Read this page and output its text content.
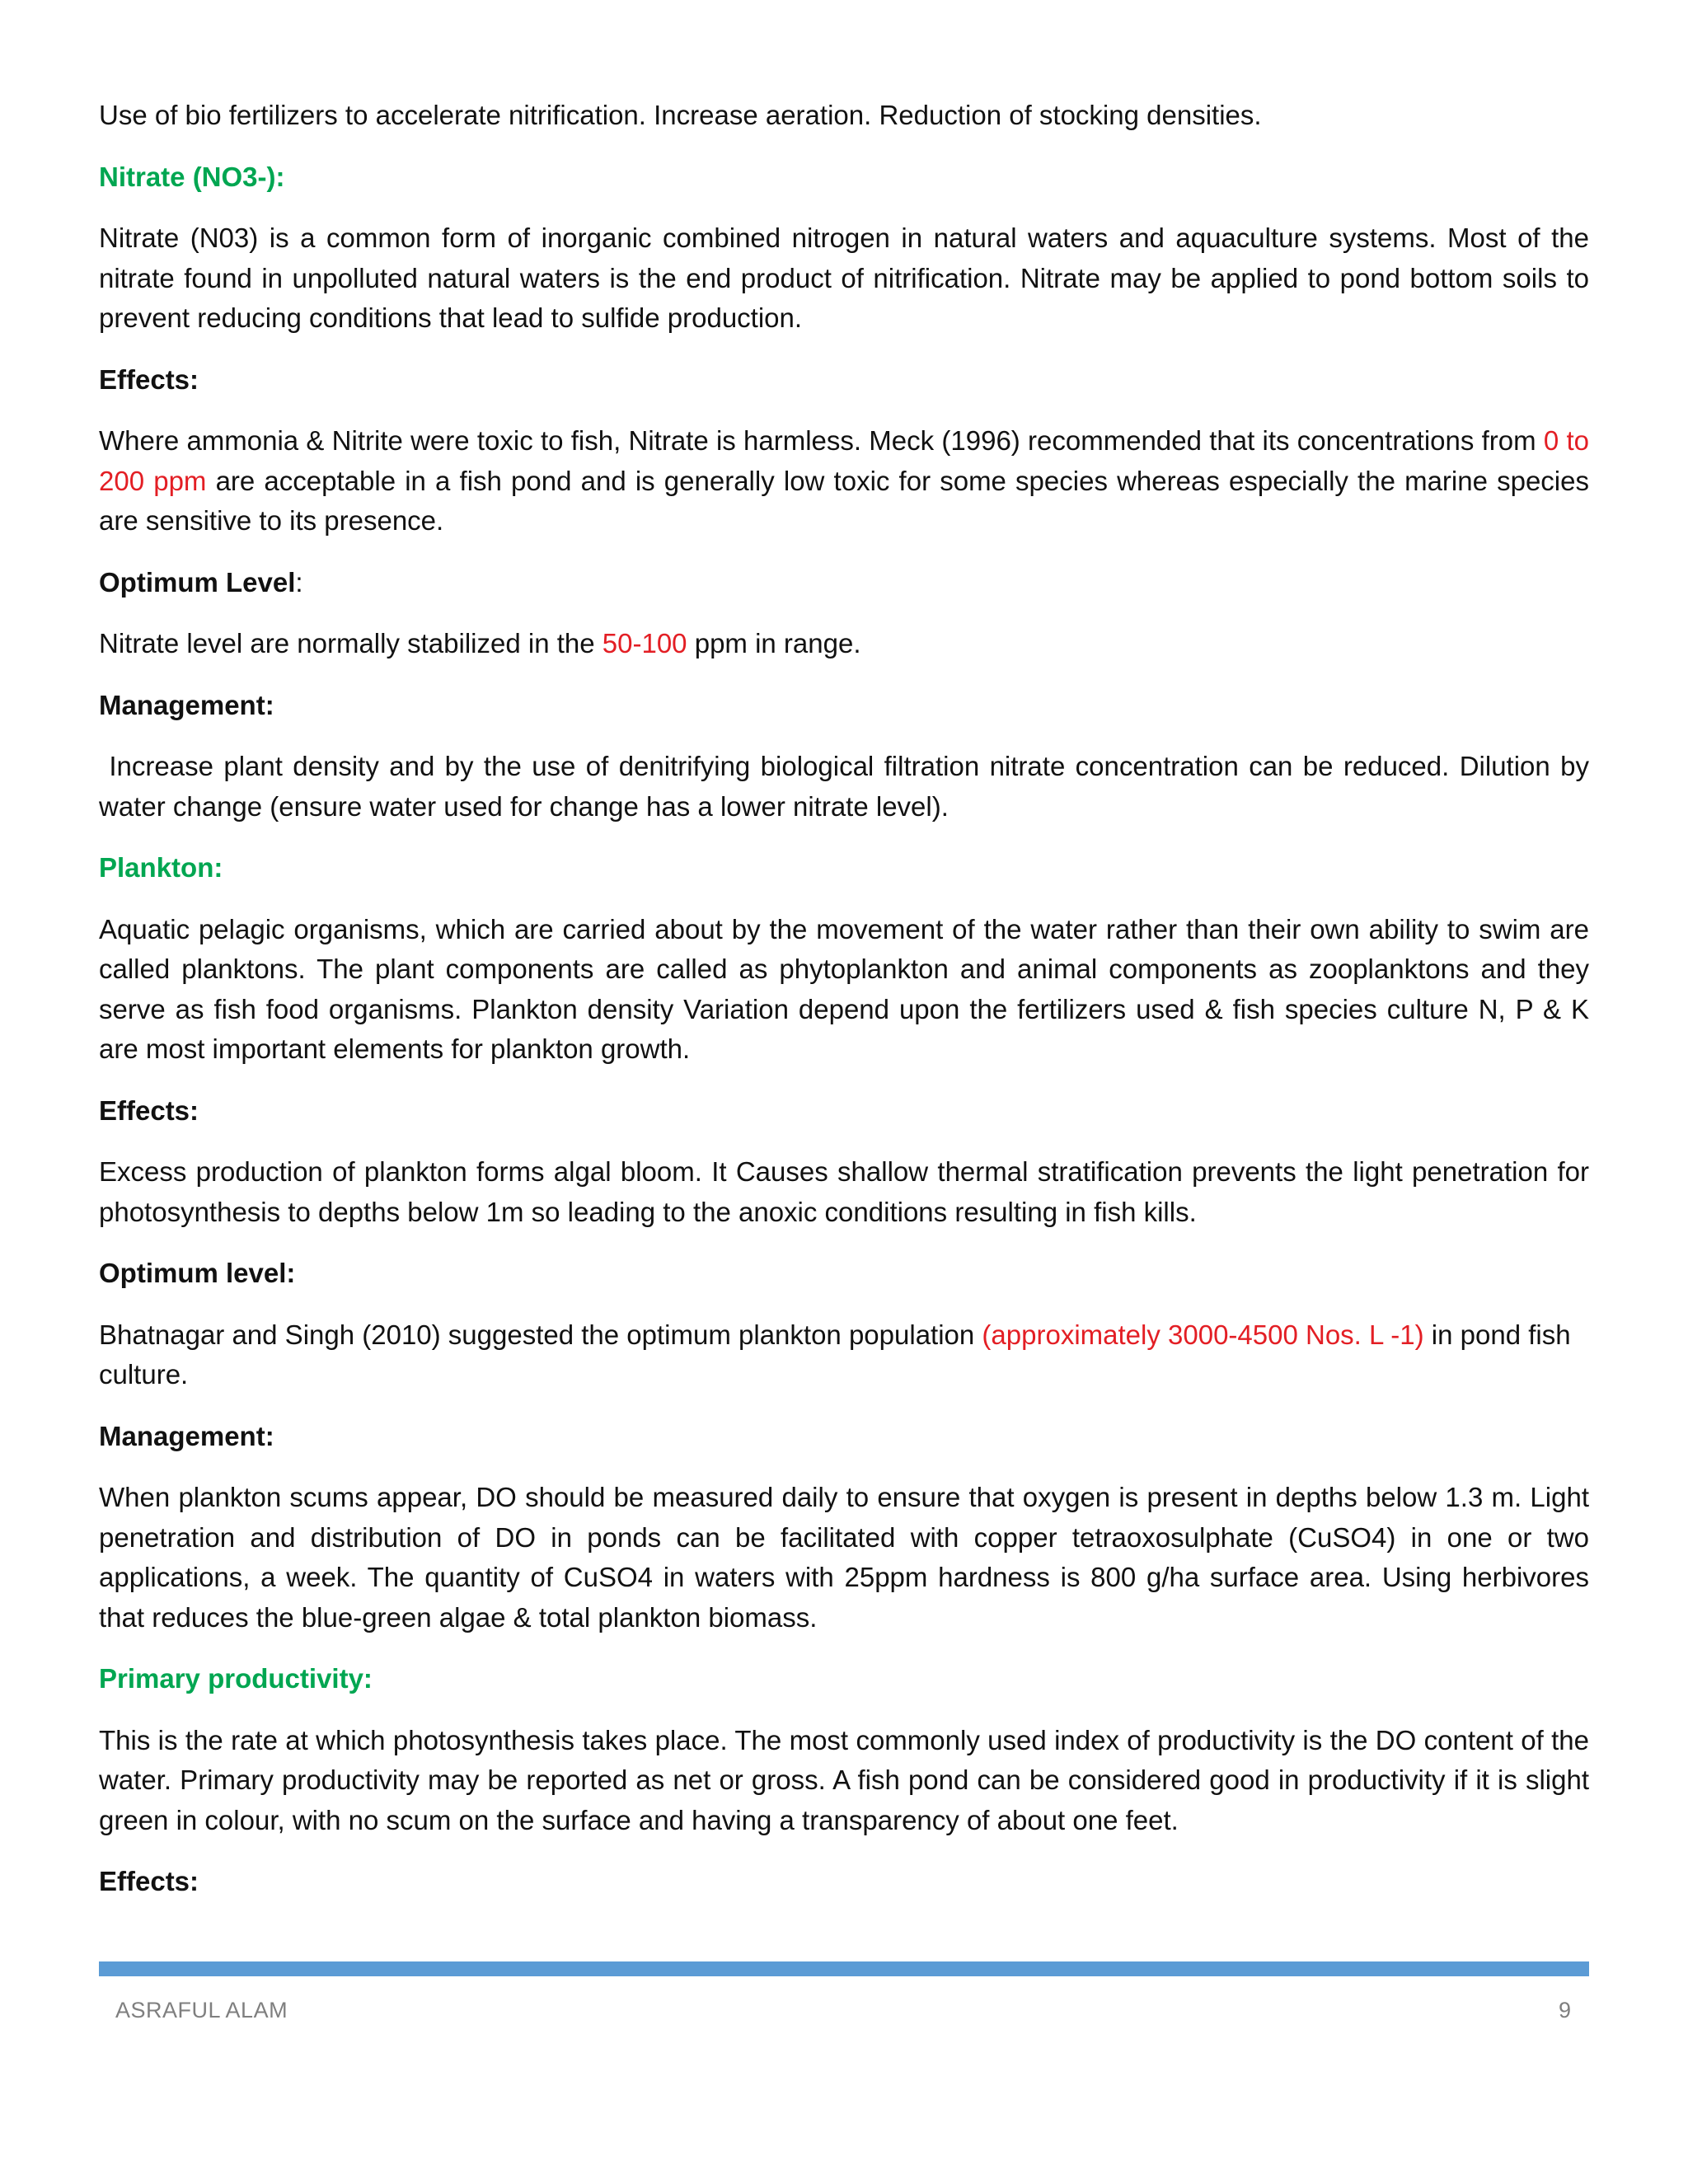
Use of bio fertilizers to accelerate nitrification. Increase aeration. Reduction of stocking densities.

Nitrate (NO3-):

Nitrate (N03) is a common form of inorganic combined nitrogen in natural waters and aquaculture systems. Most of the nitrate found in unpolluted natural waters is the end product of nitrification. Nitrate may be applied to pond bottom soils to prevent reducing conditions that lead to sulfide production.

Effects:

Where ammonia & Nitrite were toxic to fish, Nitrate is harmless. Meck (1996) recommended that its concentrations from 0 to 200 ppm are acceptable in a fish pond and is generally low toxic for some species whereas especially the marine species are sensitive to its presence.

Optimum Level:

Nitrate level are normally stabilized in the 50-100 ppm in range.

Management:

Increase plant density and by the use of denitrifying biological filtration nitrate concentration can be reduced. Dilution by water change (ensure water used for change has a lower nitrate level).

Plankton:

Aquatic pelagic organisms, which are carried about by the movement of the water rather than their own ability to swim are called planktons. The plant components are called as phytoplankton and animal components as zooplanktons and they serve as fish food organisms. Plankton density Variation depend upon the fertilizers used & fish species culture N, P & K are most important elements for plankton growth.

Effects:

Excess production of plankton forms algal bloom. It Causes shallow thermal stratification prevents the light penetration for photosynthesis to depths below 1m so leading to the anoxic conditions resulting in fish kills.

Optimum level:

Bhatnagar and Singh (2010) suggested the optimum plankton population (approximately 3000-4500 Nos. L -1) in pond fish culture.

Management:

When plankton scums appear, DO should be measured daily to ensure that oxygen is present in depths below 1.3 m. Light penetration and distribution of DO in ponds can be facilitated with copper tetraoxosulphate (CuSO4) in one or two applications, a week. The quantity of CuSO4 in waters with 25ppm hardness is 800 g/ha surface area. Using herbivores that reduces the blue-green algae & total plankton biomass.

Primary productivity:

This is the rate at which photosynthesis takes place. The most commonly used index of productivity is the DO content of the water. Primary productivity may be reported as net or gross. A fish pond can be considered good in productivity if it is slight green in colour, with no scum on the surface and having a transparency of about one feet.

Effects:

ASRAFUL ALAM	9
